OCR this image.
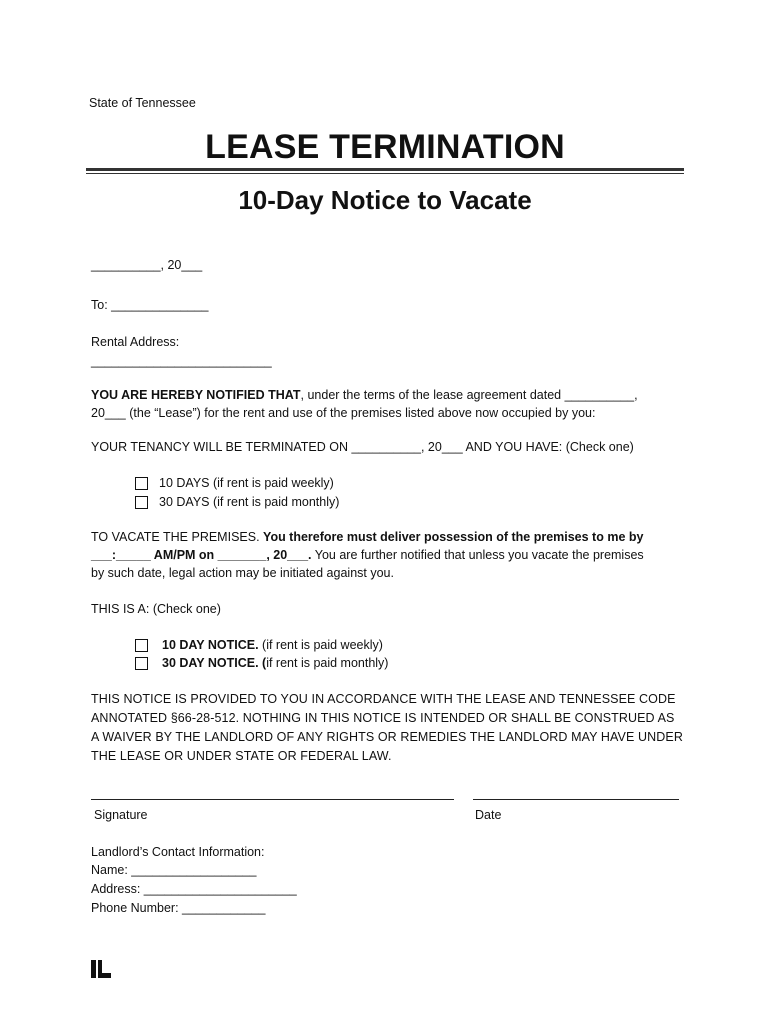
State of Tennessee
LEASE TERMINATION
10-Day Notice to Vacate
__________, 20___
To: ______________
Rental Address:
__________________________
YOU ARE HEREBY NOTIFIED THAT, under the terms of the lease agreement dated __________,
20___ (the “Lease”) for the rent and use of the premises listed above now occupied by you:
YOUR TENANCY WILL BE TERMINATED ON __________, 20___ AND YOU HAVE: (Check one)
10 DAYS (if rent is paid weekly)
30 DAYS (if rent is paid monthly)
TO VACATE THE PREMISES. You therefore must deliver possession of the premises to me by
___:_____ AM/PM on _______, 20___. You are further notified that unless you vacate the premises
by such date, legal action may be initiated against you.
THIS IS A: (Check one)
10 DAY NOTICE. (if rent is paid weekly)
30 DAY NOTICE. (if rent is paid monthly)
THIS NOTICE IS PROVIDED TO YOU IN ACCORDANCE WITH THE LEASE AND TENNESSEE CODE
ANNOTATED §66-28-512. NOTHING IN THIS NOTICE IS INTENDED OR SHALL BE CONSTRUED AS
A WAIVER BY THE LANDLORD OF ANY RIGHTS OR REMEDIES THE LANDLORD MAY HAVE UNDER
THE LEASE OR UNDER STATE OR FEDERAL LAW.
Signature	Date
Landlord’s Contact Information:
Name: __________________
Address: ______________________
Phone Number: ____________
